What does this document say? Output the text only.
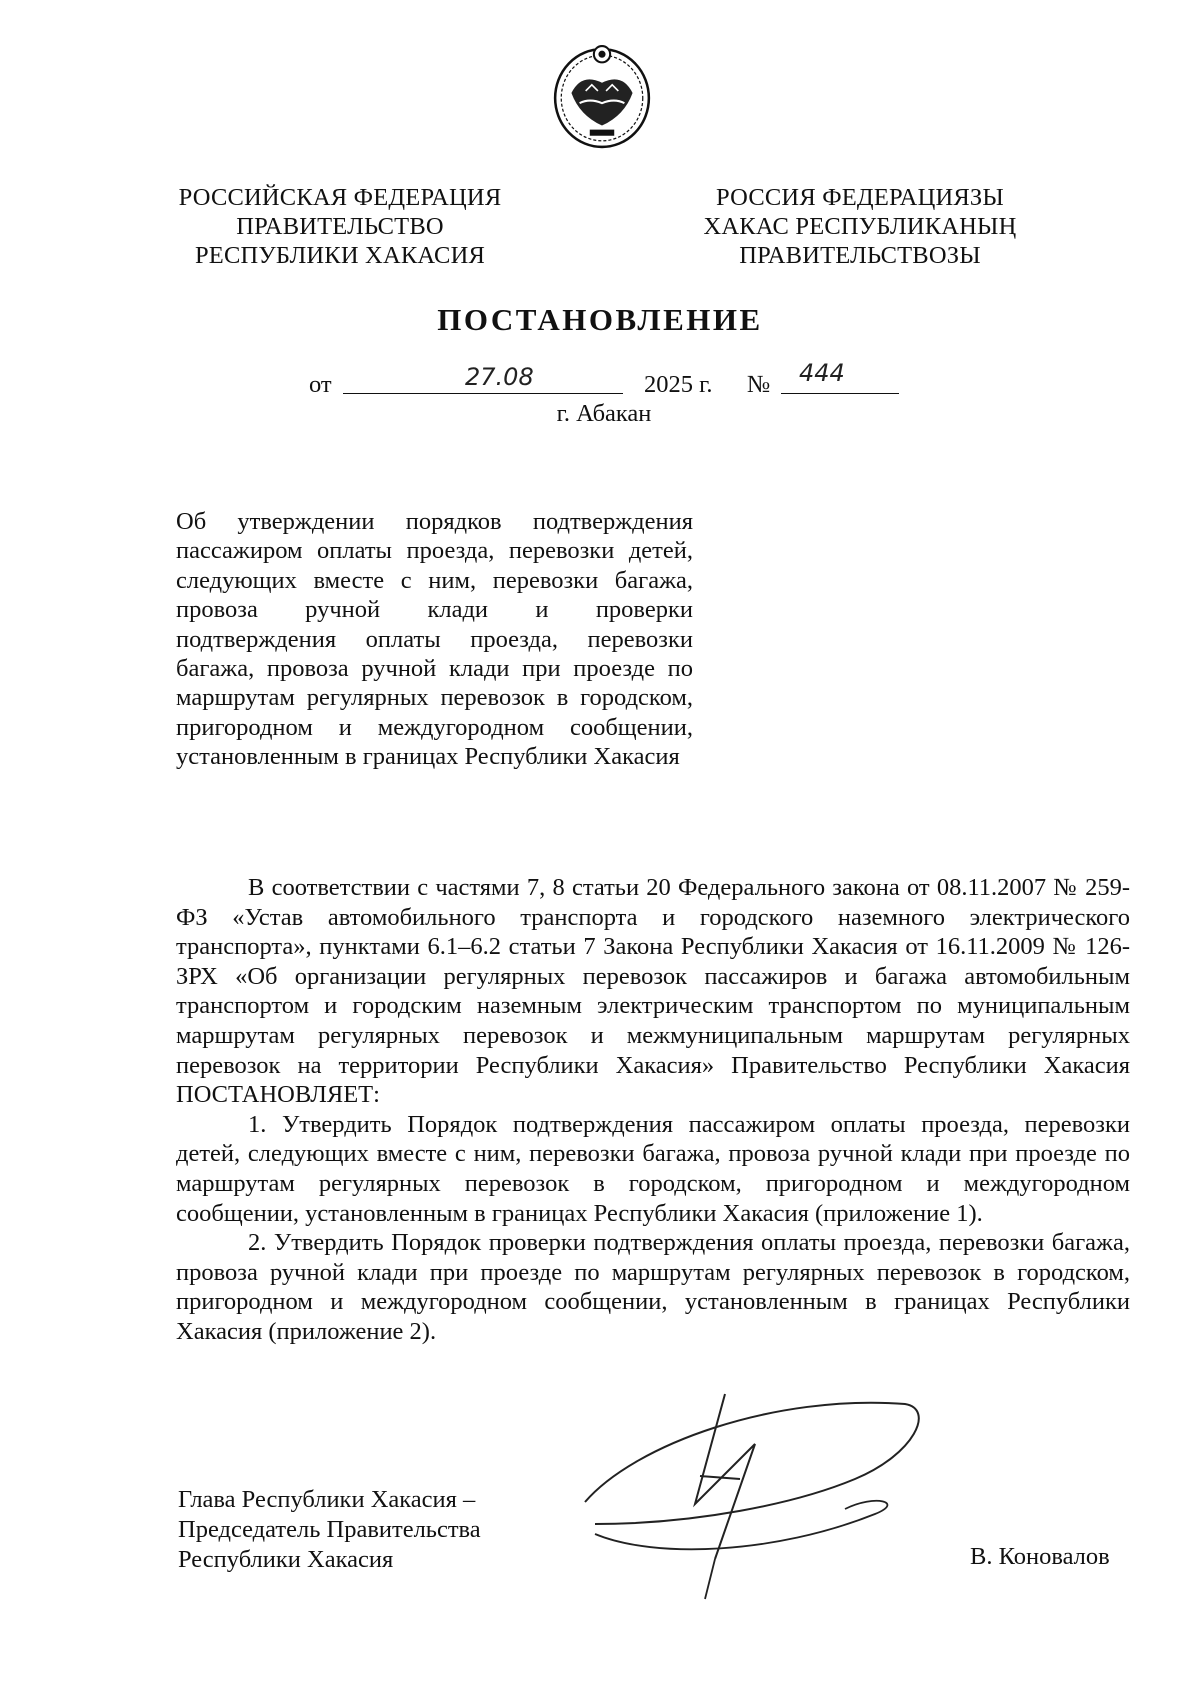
РОССИЙСКАЯ ФЕДЕРАЦИЯ
ПРАВИТЕЛЬСТВО
РЕСПУБЛИКИ ХАКАСИЯ
РОССИЯ ФЕДЕРАЦИЯЗЫ
ХАКАС РЕСПУБЛИКАНЫҢ
ПРАВИТЕЛЬСТВОЗЫ
ПОСТАНОВЛЕНИЕ
от	27.08	2025 г. № 444
г. Абакан
Об утверждении порядков подтверждения пассажиром оплаты проезда, перевозки детей, следующих вместе с ним, перевозки багажа, провоза ручной клади и проверки подтверждения оплаты проезда, перевозки багажа, провоза ручной клади при проезде по маршрутам регулярных перевозок в городском, пригородном и междугородном сообщении, установленным в границах Республики Хакасия

В соответствии с частями 7, 8 статьи 20 Федерального закона от 08.11.2007 № 259-ФЗ «Устав автомобильного транспорта и городского наземного электрического транспорта», пунктами 6.1–6.2 статьи 7 Закона Республики Хакасия от 16.11.2009 № 126-ЗРХ «Об организации регулярных перевозок пассажиров и багажа автомобильным транспортом и городским наземным электрическим транспортом по муниципальным маршрутам регулярных перевозок и межмуниципальным маршрутам регулярных перевозок на территории Республики Хакасия» Правительство Республики Хакасия ПОСТАНОВЛЯЕТ:

1. Утвердить Порядок подтверждения пассажиром оплаты проезда, перевозки детей, следующих вместе с ним, перевозки багажа, провоза ручной клади при проезде по маршрутам регулярных перевозок в городском, пригородном и междугородном сообщении, установленным в границах Республики Хакасия (приложение 1).

2. Утвердить Порядок проверки подтверждения оплаты проезда, перевозки багажа, провоза ручной клади при проезде по маршрутам регулярных перевозок в городском, пригородном и междугородном сообщении, установленным в границах Республики Хакасия (приложение 2).

Глава Республики Хакасия –
Председатель Правительства
Республики Хакасия	В. Коновалов
